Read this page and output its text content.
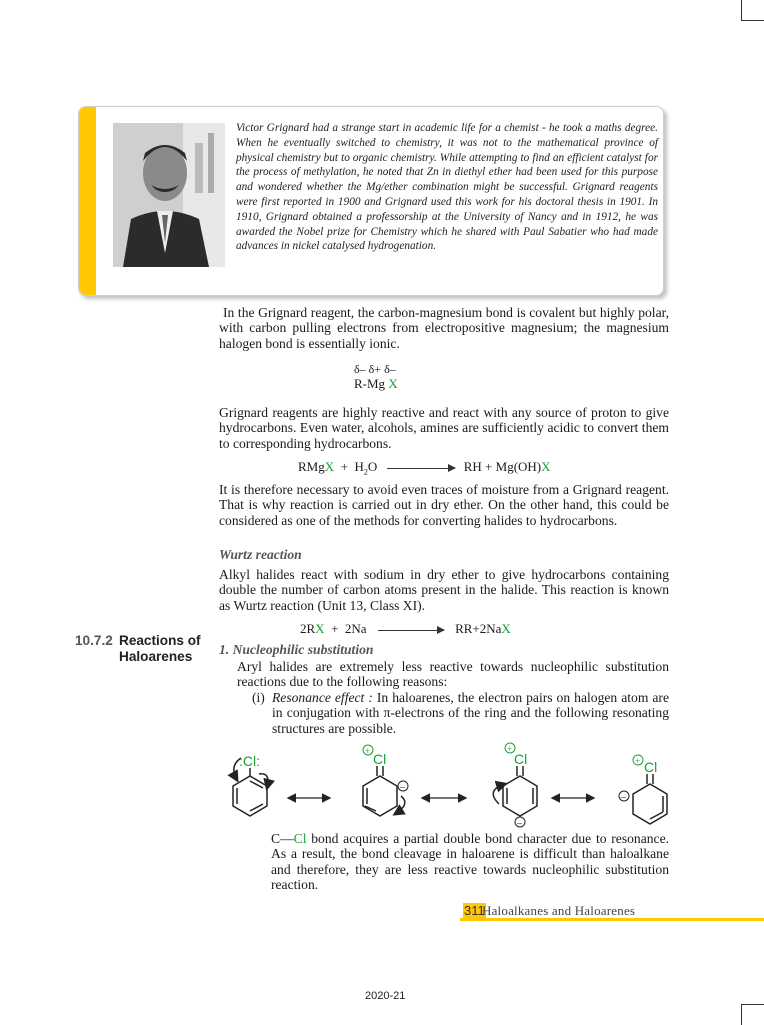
Victor Grignard had a strange start in academic life for a chemist - he took a maths degree. When he eventually switched to chemistry, it was not to the mathematical province of physical chemistry but to organic chemistry. While attempting to find an efficient catalyst for the process of methylation, he noted that Zn in diethyl ether had been used for this purpose and wondered whether the Mg/ether combination might be successful. Grignard reagents were first reported in 1900 and Grignard used this work for his doctoral thesis in 1901. In 1910, Grignard obtained a professorship at the University of Nancy and in 1912, he was awarded the Nobel prize for Chemistry which he shared with Paul Sabatier who had made advances in nickel catalysed hydrogenation.
In the Grignard reagent, the carbon-magnesium bond is covalent but highly polar, with carbon pulling electrons from electropositive magnesium; the magnesium halogen bond is essentially ionic.
δ– δ+ δ–
R-Mg X
Grignard reagents are highly reactive and react with any source of proton to give hydrocarbons. Even water, alcohols, amines are sufficiently acidic to convert them to corresponding hydrocarbons.
RMgX + $H_2O$	RH + Mg(OH)X
It is therefore necessary to avoid even traces of moisture from a Grignard reagent. That is why reaction is carried out in dry ether. On the other hand, this could be considered as one of the methods for converting halides to hydrocarbons.
Wurtz reaction
Alkyl halides react with sodium in dry ether to give hydrocarbons containing double the number of carbon atoms present in the halide. This reaction is known as Wurtz reaction (Unit 13, Class XI).
2RX + 2Na	RR+2NaX
10.7.2 Reactions of Haloarenes	1. Nucleophilic substitution
Aryl halides are extremely less reactive towards nucleophilic substitution reactions due to the following reasons:
(i) Resonance effect : In haloarenes, the electron pairs on halogen atom are in conjugation with π-electrons of the ring and the following resonating structures are possible.
:Cl:
+ Cl
–
+
Cl
–
+ Cl
–
C—Cl bond acquires a partial double bond character due to resonance. As a result, the bond cleavage in haloarene is difficult than haloalkane and therefore, they are less reactive towards nucleophilic substitution reaction.
311
Haloalkanes and Haloarenes
2020-21
